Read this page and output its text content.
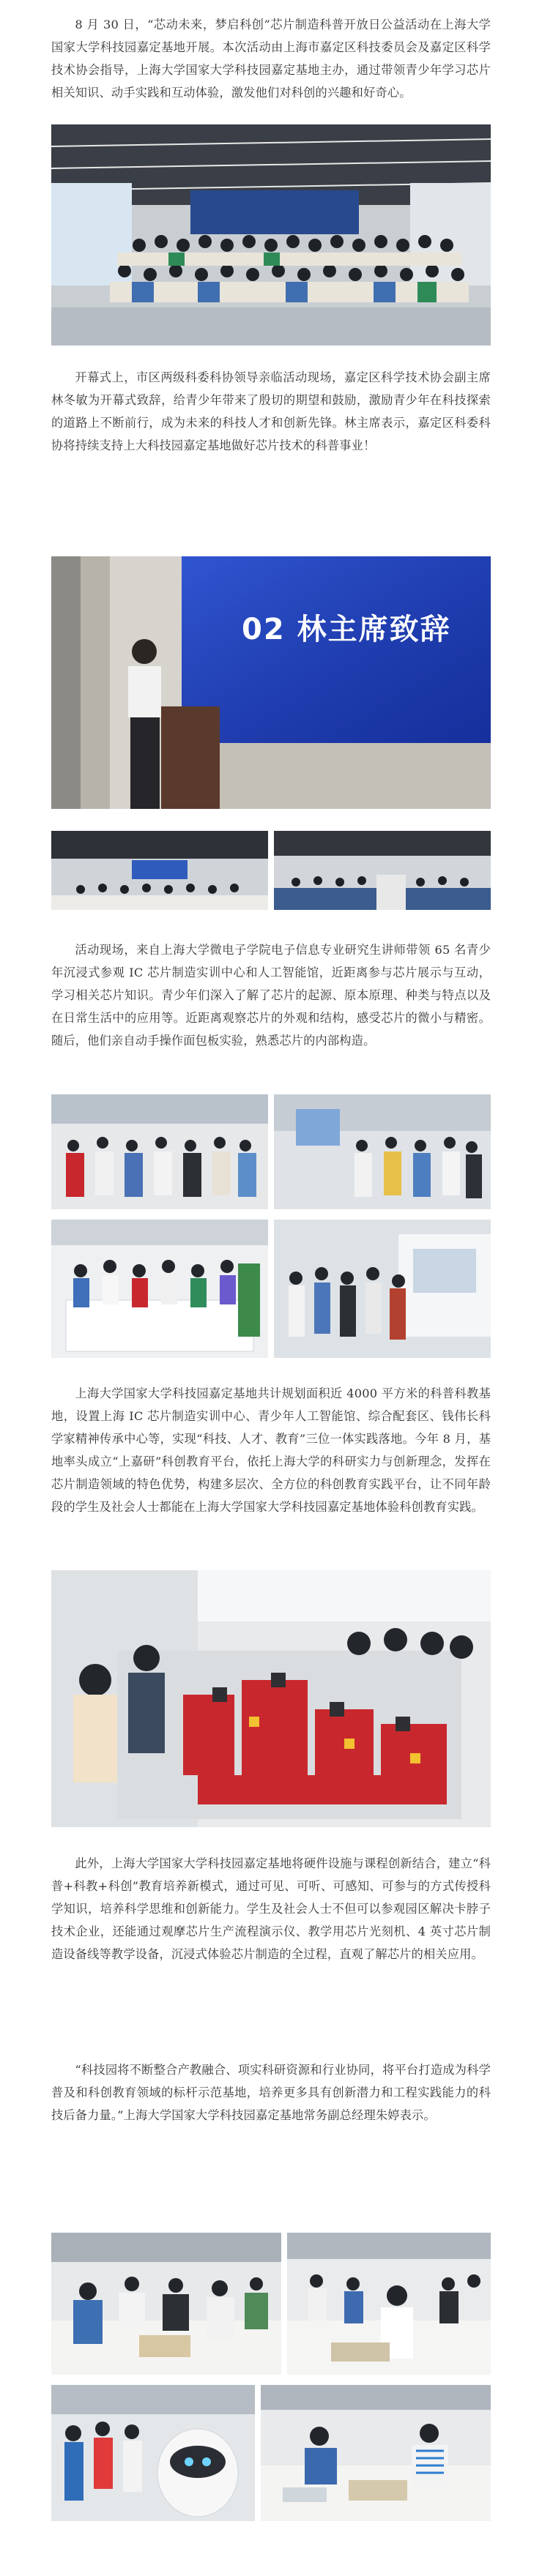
8 月 30 日，“芯动未来，梦启科创”芯片制造科普开放日公益活动在上海大学国家大学科技园嘉定基地开展。本次活动由上海市嘉定区科技委员会及嘉定区科学技术协会指导，上海大学国家大学科技园嘉定基地主办，通过带领青少年学习芯片相关知识、动手实践和互动体验，激发他们对科创的兴趣和好奇心。

开幕式上，市区两级科委科协领导亲临活动现场，嘉定区科学技术协会副主席林冬敏为开幕式致辞，给青少年带来了殷切的期望和鼓励，激励青少年在科技探索的道路上不断前行，成为未来的科技人才和创新先锋。林主席表示，嘉定区科委科协将持续支持上大科技园嘉定基地做好芯片技术的科普事业！

02 林主席致辞

活动现场，来自上海大学微电子学院电子信息专业研究生讲师带领 65 名青少年沉浸式参观 IC 芯片制造实训中心和人工智能馆，近距离参与芯片展示与互动，学习相关芯片知识。青少年们深入了解了芯片的起源、原本原理、种类与特点以及在日常生活中的应用等。近距离观察芯片的外观和结构，感受芯片的微小与精密。随后，他们亲自动手操作面包板实验，熟悉芯片的内部构造。

上海大学国家大学科技园嘉定基地共计规划面积近 4000 平方米的科普科教基地，设置上海 IC 芯片制造实训中心、青少年人工智能馆、综合配套区、钱伟长科学家精神传承中心等，实现“科技、人才、教育”三位一体实践落地。今年 8 月，基地率头成立“上嘉研”科创教育平台，依托上海大学的科研实力与创新理念，发挥在芯片制造领域的特色优势，构建多层次、全方位的科创教育实践平台，让不同年龄段的学生及社会人士都能在上海大学国家大学科技园嘉定基地体验科创教育实践。

此外，上海大学国家大学科技园嘉定基地将硬件设施与课程创新结合，建立“科普+科教+科创”教育培养新模式，通过可见、可听、可感知、可参与的方式传授科学知识，培养科学思维和创新能力。学生及社会人士不但可以参观园区解决卡脖子技术企业，还能通过观摩芯片生产流程演示仪、教学用芯片光刻机、4 英寸芯片制造设备线等教学设备，沉浸式体验芯片制造的全过程，直观了解芯片的相关应用。

“科技园将不断整合产教融合、项实科研资源和行业协同，将平台打造成为科学普及和科创教育领域的标杆示范基地，培养更多具有创新潜力和工程实践能力的科技后备力量。”上海大学国家大学科技园嘉定基地常务副总经理朱婷表示。
